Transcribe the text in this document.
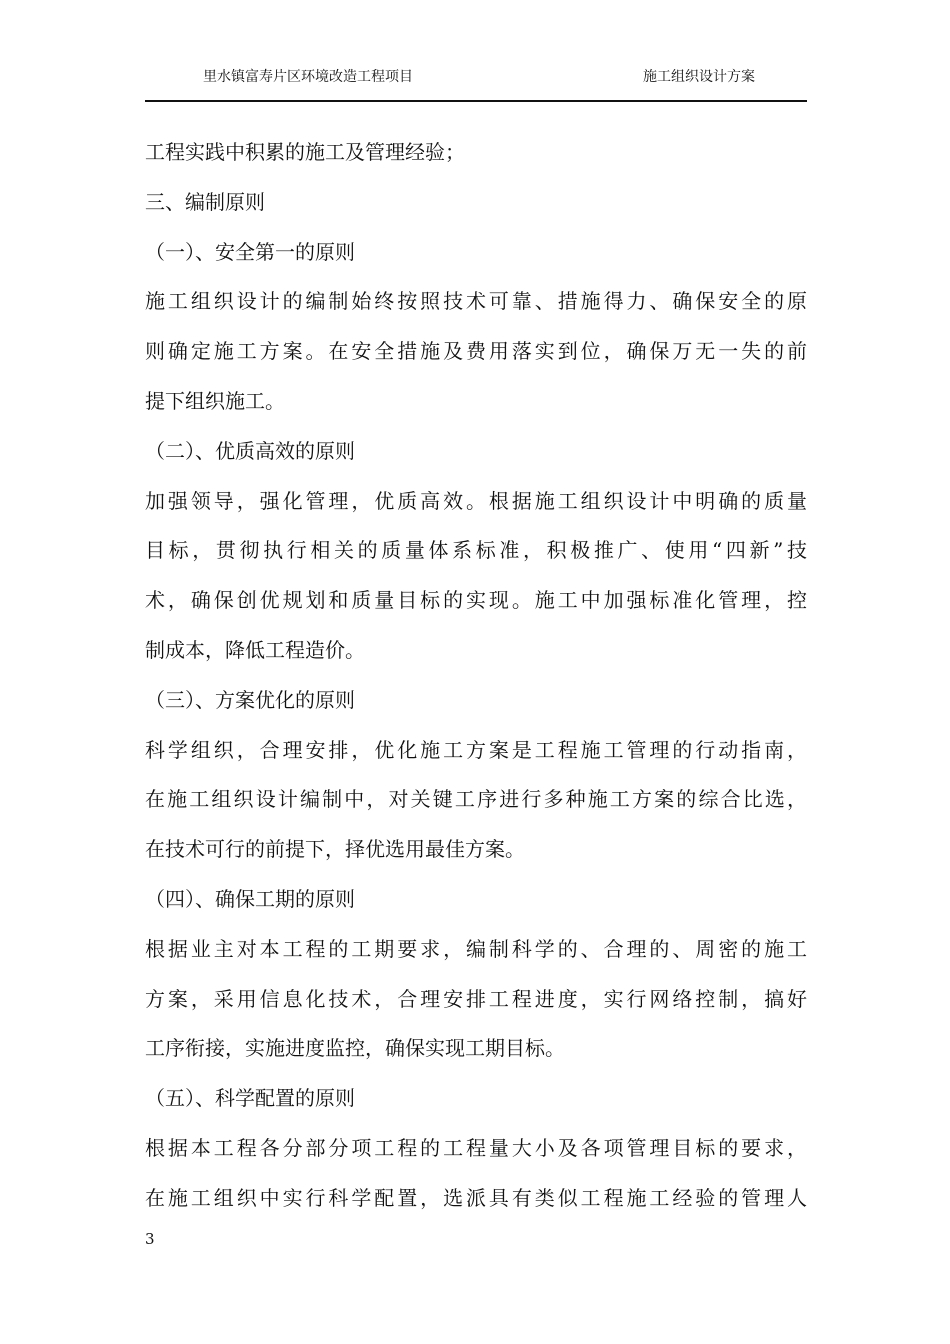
里水镇富寿片区环境改造工程项目	施工组织设计方案
工程实践中积累的施工及管理经验；
三、编制原则
（一）、安全第一的原则
施工组织设计的编制始终按照技术可靠、措施得力、确保安全的原
则确定施工方案。在安全措施及费用落实到位，确保万无一失的前
提下组织施工。
（二）、优质高效的原则
加强领导，强化管理，优质高效。根据施工组织设计中明确的质量
目标，贯彻执行相关的质量体系标准，积极推广、使用“四新”技
术，确保创优规划和质量目标的实现。施工中加强标准化管理，控
制成本，降低工程造价。
（三）、方案优化的原则
科学组织，合理安排，优化施工方案是工程施工管理的行动指南，
在施工组织设计编制中，对关键工序进行多种施工方案的综合比选，
在技术可行的前提下，择优选用最佳方案。
（四）、确保工期的原则
根据业主对本工程的工期要求，编制科学的、合理的、周密的施工
方案，采用信息化技术，合理安排工程进度，实行网络控制，搞好
工序衔接，实施进度监控，确保实现工期目标。
（五）、科学配置的原则
根据本工程各分部分项工程的工程量大小及各项管理目标的要求，
在施工组织中实行科学配置，选派具有类似工程施工经验的管理人
3
